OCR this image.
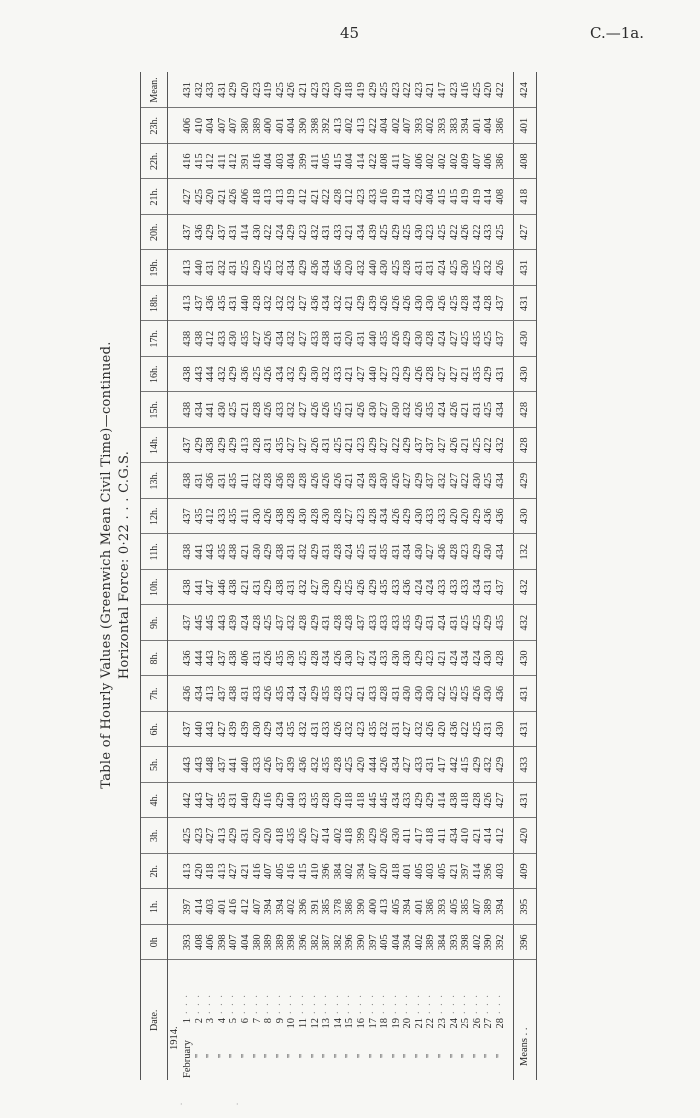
45	C.—1a.
Table of Hourly Values (Greenwich Mean Civil Time)—continued. Horizontal Force: 0·22 . . . C.G.S.
Date.	0h	1h.	2h.	3h.	4h.	5h.	6h.	7h.	8h.	9h.	10h.	11h.	12h.	13h.	14h.	15h.	16h.	17h.	18h.	19h.	20h.	21h.	22h.	23h.	Mean.
1914.																									
February1 · · ·	393	397	413	425	442	443	437	436	436	437	438	438	437	438	437	438	438	438	413	413	437	427	416	406	431
"2 · · ·	408	414	420	423	443	443	440	434	444	445	441	441	435	431	429	434	443	438	437	440	436	425	415	410	432
"3 · · ·	406	403	418	427	447	448	443	413	443	445	447	443	412	436	438	441	444	412	436	431	429	420	412	404	433
"4 · · ·	398	401	413	413	435	437	427	437	437	443	446	435	433	431	429	430	432	433	435	432	437	421	411	407	431
"5 · · ·	407	416	427	429	431	441	439	438	438	439	438	438	435	435	429	425	429	430	431	431	431	426	412	407	429
"6 · · ·	404	412	421	431	440	440	439	431	406	424	421	421	411	411	413	421	436	435	440	425	414	406	391	380	420
"7 · · ·	380	407	416	420	429	433	430	433	431	428	431	430	430	432	428	428	425	427	428	429	430	418	416	389	423
"8 · · ·	389	394	407	420	416	426	429	426	426	425	429	429	426	428	431	426	426	426	432	425	422	413	404	400	419
"9 · · ·	389	394	405	418	429	437	434	435	435	437	438	438	438	436	435	433	434	434	432	432	424	413	403	401	425
"10 · · ·	398	402	416	435	440	439	435	434	430	432	431	431	428	428	427	432	432	432	432	434	429	419	404	404	426
"11 · · ·	396	396	415	426	433	436	432	424	425	428	432	432	430	428	427	427	429	427	427	429	423	412	399	390	421
"12 · · ·	382	391	410	427	435	432	431	429	428	429	427	429	428	426	426	426	430	433	436	436	432	421	411	398	423
"13 · · ·	387	385	396	414	428	435	433	435	434	431	430	431	430	426	431	426	432	438	434	434	431	422	405	392	423
"14 · · ·	382	378	384	402	420	428	426	428	426	428	429	428	428	426	425	425	433	431	432	456	433	428	415	413	420
"15 · · ·	396	386	402	418	418	425	432	423	430	428	425	424	427	421	421	421	421	420	421	420	421	412	404	402	418
"16 · · ·	390	390	394	399	418	420	423	421	427	437	426	425	423	424	423	426	427	431	429	432	434	423	414	413	419
"17 · · ·	397	400	407	429	445	444	435	433	424	433	429	431	428	428	429	430	440	440	439	440	439	433	422	422	429
"18 · · ·	405	413	420	426	445	426	432	428	433	433	435	435	434	430	427	427	427	435	426	430	425	416	408	404	425
"19 · · ·	404	405	418	430	434	434	431	431	430	433	433	431	426	426	422	430	423	426	426	425	429	419	411	402	423
"20 · · ·	394	394	401	411	433	427	427	430	430	435	436	434	429	427	429	432	429	429	426	428	425	414	407	407	422
"21 · · ·	402	401	405	417	429	433	432	430	429	429	424	430	430	429	437	426	426	430	430	431	430	423	406	393	423
"22 · · ·	389	386	403	418	429	431	426	430	423	431	424	427	433	437	437	435	428	428	430	431	423	404	402	402	421
"23 · · ·	384	393	405	411	414	417	420	422	421	424	433	436	433	432	427	424	427	424	426	424	425	415	402	393	417
"24 · · ·	393	405	421	434	438	442	436	425	424	431	433	428	420	427	426	426	427	427	425	425	422	415	402	383	423
"25 · · ·	398	385	397	410	418	415	422	425	434	425	433	423	420	422	421	421	421	425	428	430	426	419	409	394	416
"26 · · ·	402	407	414	421	428	429	425	426	424	425	434	429	429	430	425	431	435	435	434	425	422	419	407	401	425
"27 · · ·	390	389	396	414	426	432	431	430	430	429	431	430	436	425	422	425	429	425	428	432	433	414	406	404	420
"28 · · ·	392	394	403	412	427	429	430	436	428	435	437	434	436	434	432	434	431	437	437	426	425	408	386	386	422

Means . .	396	395	409	420	431	433	431	431	430	432	432	132	430	429	428	428	430	430	431	431	427	418	408	401	424
·                     ·
